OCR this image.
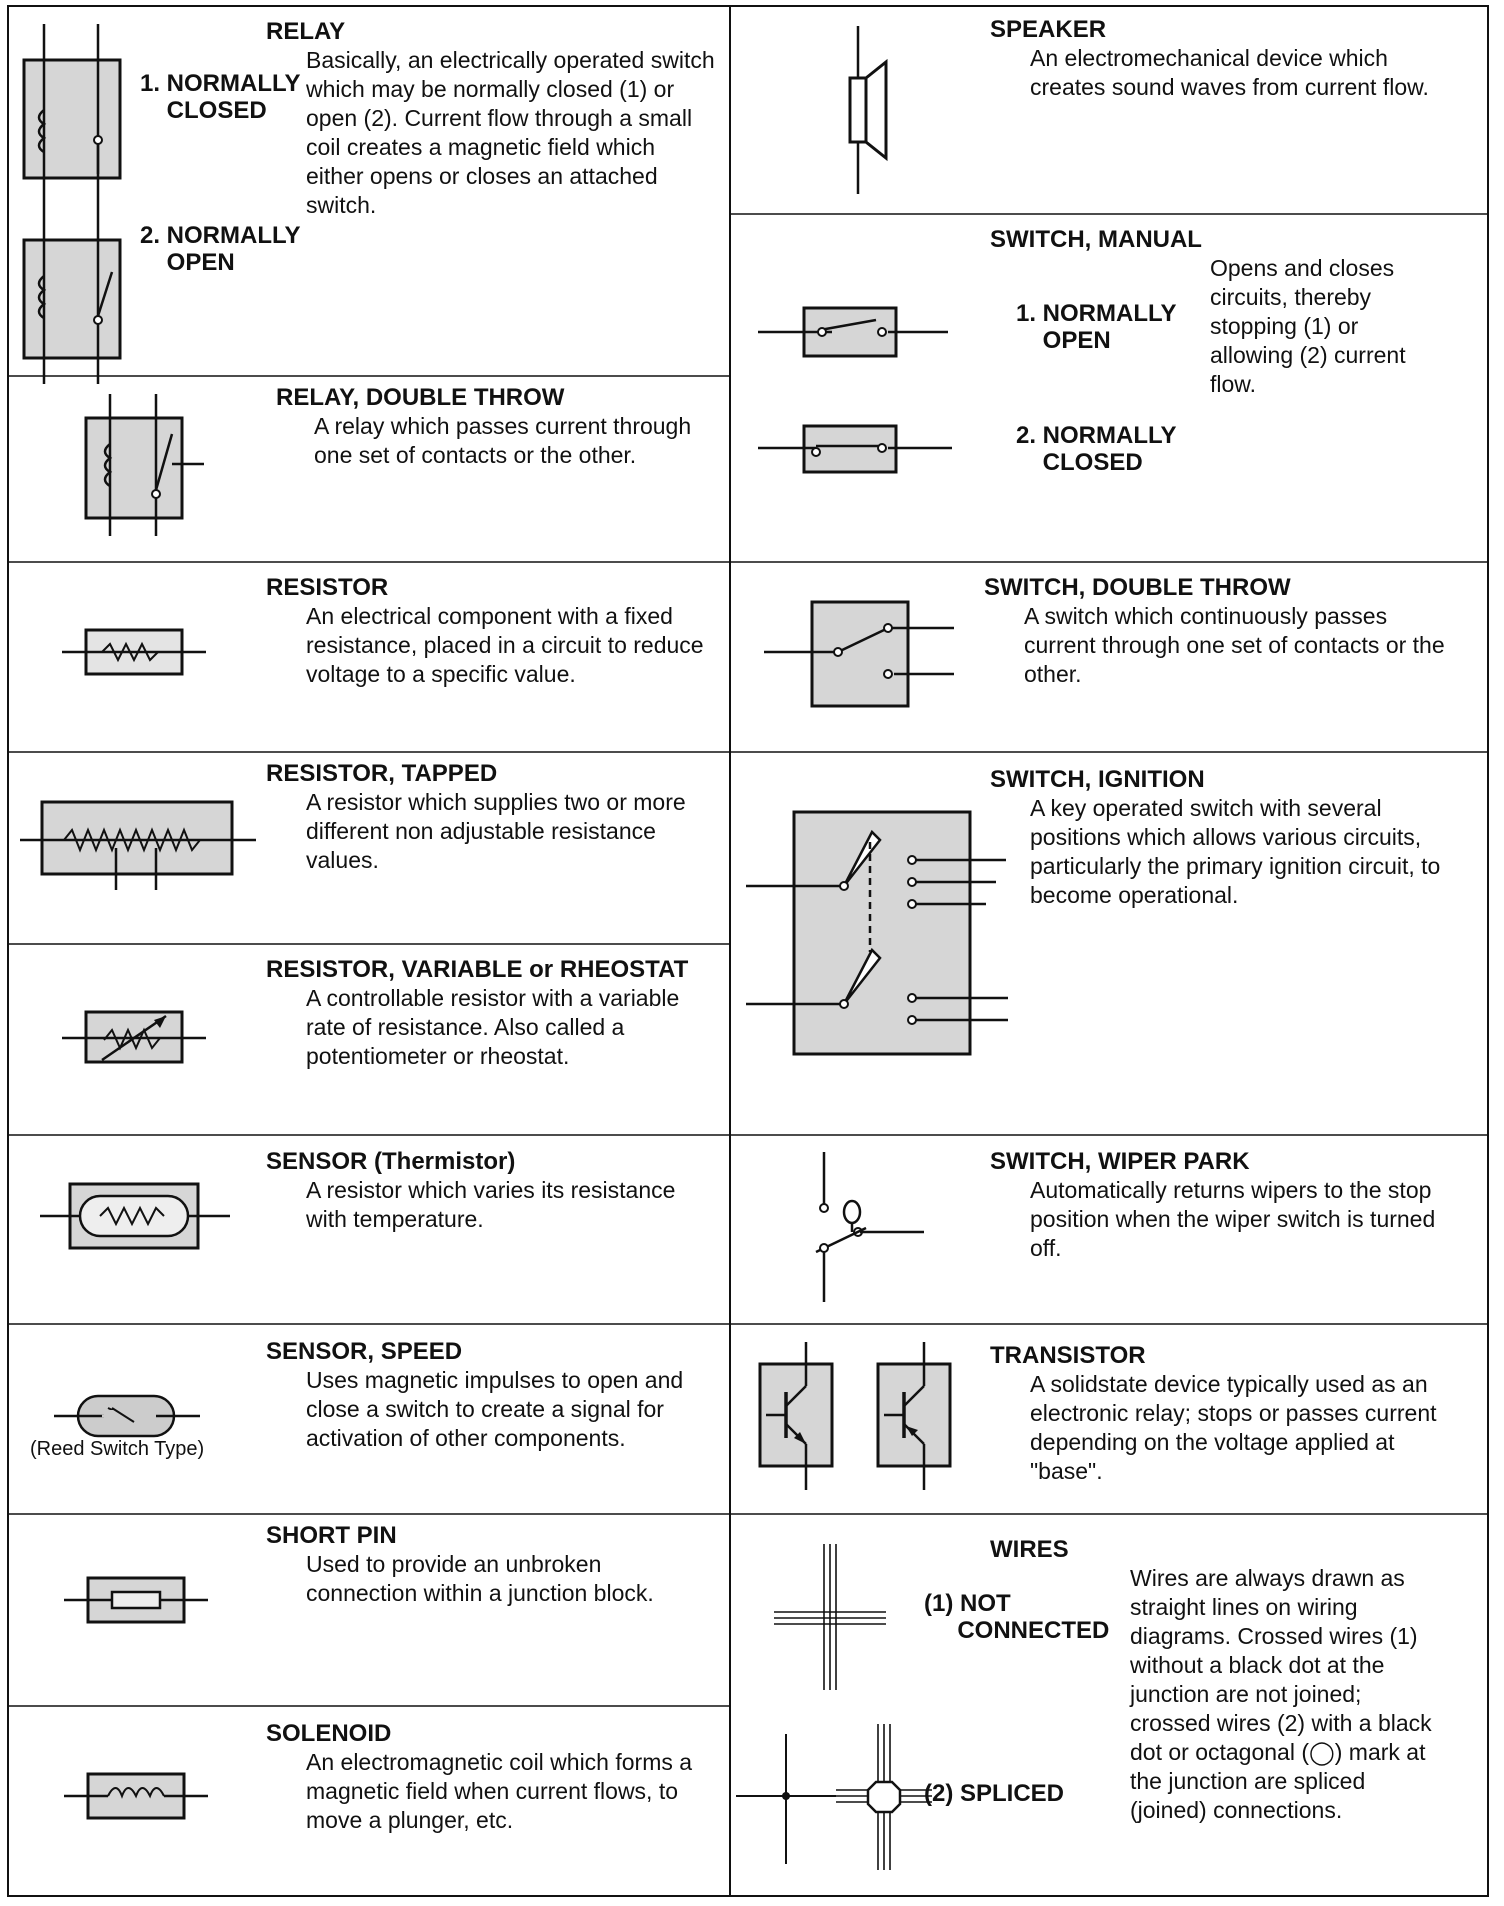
RELAY
1. NORMALLY
CLOSED
2. NORMALLY
OPEN
Basically, an electrically operated switch which may be normally closed (1) or open (2). Current flow through a small coil creates a magnetic field which either opens or closes an attached switch.
RELAY, DOUBLE THROW
A relay which passes current through one set of contacts or the other.
RESISTOR
An electrical component with a fixed resistance, placed in a circuit to reduce voltage to a specific value.
RESISTOR, TAPPED
A resistor which supplies two or more different non adjustable resistance values.
RESISTOR, VARIABLE or RHEOSTAT
A controllable resistor with a variable rate of resistance. Also called a potentiometer or rheostat.
SENSOR (Thermistor)
A resistor which varies its resistance with temperature.
(Reed Switch Type)
SENSOR, SPEED
Uses magnetic impulses to open and close a switch to create a signal for activation of other components.
SHORT PIN
Used to provide an unbroken connection within a junction block.
SOLENOID
An electromagnetic coil which forms a magnetic field when current flows, to move a plunger, etc.
SPEAKER
An electromechanical device which creates sound waves from current flow.
SWITCH, MANUAL
1. NORMALLY
OPEN
2. NORMALLY
CLOSED
Opens and closes circuits, thereby stopping (1) or allowing (2) current flow.
SWITCH, DOUBLE THROW
A switch which continuously passes current through one set of contacts or the other.
SWITCH, IGNITION
A key operated switch with several positions which allows various circuits, particularly the primary ignition circuit, to become operational.
SWITCH, WIPER PARK
Automatically returns wipers to the stop position when the wiper switch is turned off.
TRANSISTOR
A solidstate device typically used as an electronic relay; stops or passes current depending on the voltage applied at "base".
WIRES
(1) NOT
CONNECTED
(2) SPLICED
Wires are always drawn as straight lines on wiring diagrams. Crossed wires (1) without a black dot at the junction are not joined; crossed wires (2) with a black dot or octagonal (◯) mark at the junction are spliced (joined) connections.
